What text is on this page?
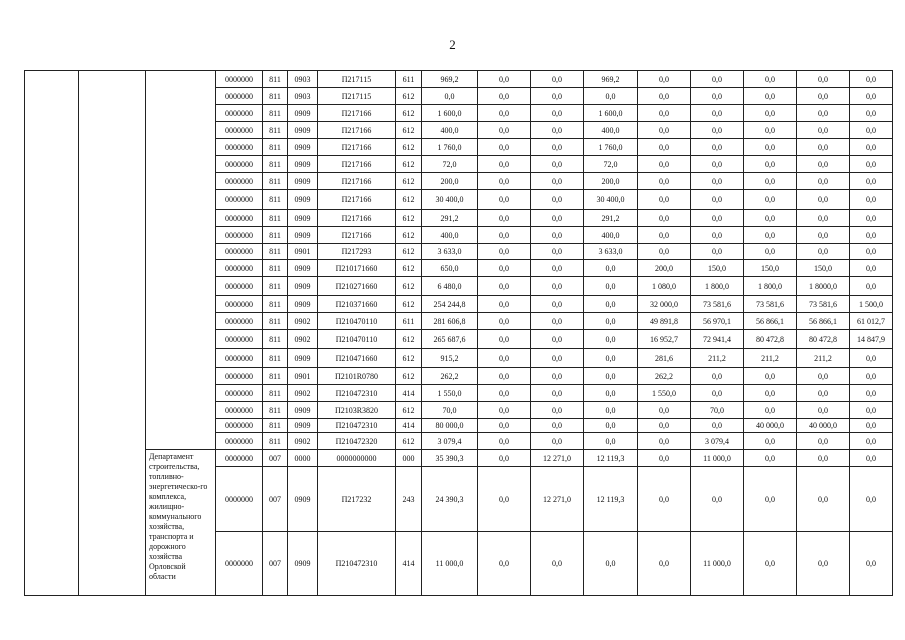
2
			0000000	811	0903	П217115	611	969,2	0,0	0,0	969,2	0,0	0,0	0,0	0,0	0,0
			0000000	811	0903	П217115	612	0,0	0,0	0,0	0,0	0,0	0,0	0,0	0,0	0,0
			0000000	811	0909	П217166	612	1 600,0	0,0	0,0	1 600,0	0,0	0,0	0,0	0,0	0,0
			0000000	811	0909	П217166	612	400,0	0,0	0,0	400,0	0,0	0,0	0,0	0,0	0,0
			0000000	811	0909	П217166	612	1 760,0	0,0	0,0	1 760,0	0,0	0,0	0,0	0,0	0,0
			0000000	811	0909	П217166	612	72,0	0,0	0,0	72,0	0,0	0,0	0,0	0,0	0,0
			0000000	811	0909	П217166	612	200,0	0,0	0,0	200,0	0,0	0,0	0,0	0,0	0,0
			0000000	811	0909	П217166	612	30 400,0	0,0	0,0	30 400,0	0,0	0,0	0,0	0,0	0,0
			0000000	811	0909	П217166	612	291,2	0,0	0,0	291,2	0,0	0,0	0,0	0,0	0,0
			0000000	811	0909	П217166	612	400,0	0,0	0,0	400,0	0,0	0,0	0,0	0,0	0,0
			0000000	811	0901	П217293	612	3 633,0	0,0	0,0	3 633,0	0,0	0,0	0,0	0,0	0,0
			0000000	811	0909	П210171660	612	650,0	0,0	0,0	0,0	200,0	150,0	150,0	150,0	0,0
			0000000	811	0909	П210271660	612	6 480,0	0,0	0,0	0,0	1 080,0	1 800,0	1 800,0	1 8000,0	0,0
			0000000	811	0909	П210371660	612	254 244,8	0,0	0,0	0,0	32 000,0	73 581,6	73 581,6	73 581,6	1 500,0
			0000000	811	0902	П210470110	611	281 606,8	0,0	0,0	0,0	49 891,8	56 970,1	56 866,1	56 866,1	61 012,7
			0000000	811	0902	П210470110	612	265 687,6	0,0	0,0	0,0	16 952,7	72 941,4	80 472,8	80 472,8	14 847,9
			0000000	811	0909	П210471660	612	915,2	0,0	0,0	0,0	281,6	211,2	211,2	211,2	0,0
			0000000	811	0901	П2101R0780	612	262,2	0,0	0,0	0,0	262,2	0,0	0,0	0,0	0,0
			0000000	811	0902	П210472310	414	1 550,0	0,0	0,0	0,0	1 550,0	0,0	0,0	0,0	0,0
			0000000	811	0909	П2103R3820	612	70,0	0,0	0,0	0,0	0,0	70,0	0,0	0,0	0,0
			0000000	811	0909	П210472310	414	80 000,0	0,0	0,0	0,0	0,0	0,0	40 000,0	40 000,0	0,0
			0000000	811	0902	П210472320	612	3 079,4	0,0	0,0	0,0	0,0	3 079,4	0,0	0,0	0,0
		Департамент строительства, топливно-энергетическо-го комплекса, жилищно-коммунального хозяйства, транспорта и дорожного хозяйства Орловской области	0000000	007	0000	0000000000	000	35 390,3	0,0	12 271,0	12 119,3	0,0	11 000,0	0,0	0,0	0,0
			0000000	007	0909	П217232	243	24 390,3	0,0	12 271,0	12 119,3	0,0	0,0	0,0	0,0	0,0
			0000000	007	0909	П210472310	414	11 000,0	0,0	0,0	0,0	0,0	11 000,0	0,0	0,0	0,0
